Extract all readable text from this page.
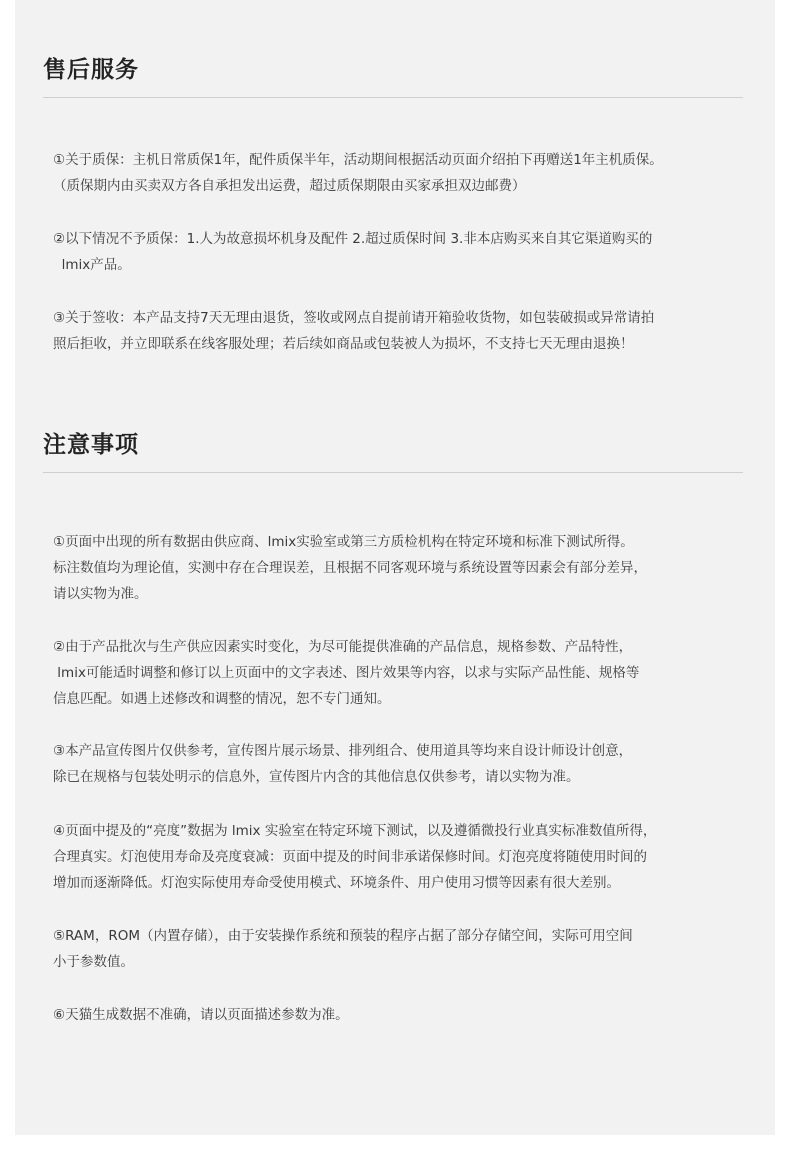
售后服务

①关于质保：主机日常质保1年，配件质保半年，活动期间根据活动页面介绍拍下再赠送1年主机质保。
（质保期内由买卖双方各自承担发出运费，超过质保期限由买家承担双边邮费）

②以下情况不予质保：1.人为故意损坏机身及配件 2.超过质保时间 3.非本店购买来自其它渠道购买的
lmix产品。

③关于签收：本产品支持7天无理由退货，签收或网点自提前请开箱验收货物，如包装破损或异常请拍
照后拒收，并立即联系在线客服处理；若后续如商品或包装被人为损坏，不支持七天无理由退换！

注意事项

①页面中出现的所有数据由供应商、lmix实验室或第三方质检机构在特定环境和标准下测试所得。
标注数值均为理论值，实测中存在合理误差，且根据不同客观环境与系统设置等因素会有部分差异，
请以实物为准。

②由于产品批次与生产供应因素实时变化，为尽可能提供准确的产品信息，规格参数、产品特性，
lmix可能适时调整和修订以上页面中的文字表述、图片效果等内容，以求与实际产品性能、规格等
信息匹配。如遇上述修改和调整的情况，恕不专门通知。

③本产品宣传图片仅供参考，宣传图片展示场景、排列组合、使用道具等均来自设计师设计创意，
除已在规格与包装处明示的信息外，宣传图片内含的其他信息仅供参考，请以实物为准。

④页面中提及的“亮度”数据为 lmix 实验室在特定环境下测试，以及遵循微投行业真实标准数值所得，
合理真实。灯泡使用寿命及亮度衰减：页面中提及的时间非承诺保修时间。灯泡亮度将随使用时间的
增加而逐渐降低。灯泡实际使用寿命受使用模式、环境条件、用户使用习惯等因素有很大差别。

⑤RAM，ROM（内置存储），由于安装操作系统和预装的程序占据了部分存储空间，实际可用空间
小于参数值。

⑥天猫生成数据不准确，请以页面描述参数为准。
